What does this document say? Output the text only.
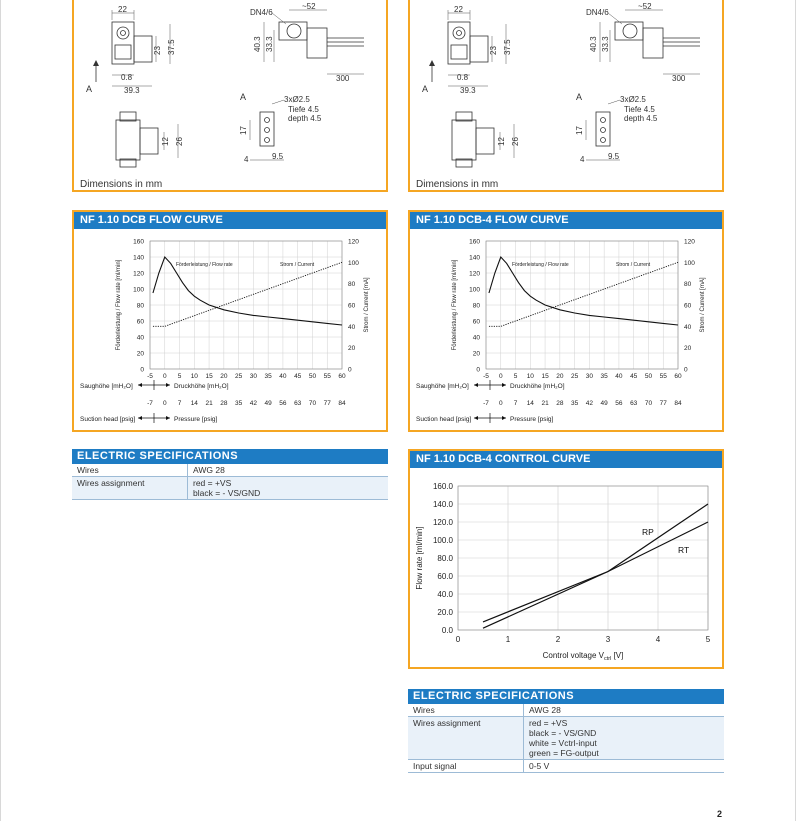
22
23 37.5
A
0.8
39.3
DN4/6
~52
40.3 33.3
300
12 26
A	3xØ2.5
Tiefe 4.5
depth 4.5
17
4	9.5
Dimensions in mm
22
23 37.5
A
0.8
39.3
DN4/6
~52
40.3 33.3
300
12 26
A	3xØ2.5
Tiefe 4.5
depth 4.5
17
4	9.5
Dimensions in mm
NF 1.10 DCB FLOW CURVE
-5 0 5 10 15 20 25 30 35 40 45 50 55 60
0
20
40
60
80
100
120
140
160
0
20
40
60
80
100
120
Förderleistung / Flow rate	Strom / Current
Förderleistung / Flow rate [ml/min]	Strom / Current [mA]
Saughöhe [mH₂O]	Druckhöhe [mH₂O]
-7 0 7 14 21 28 35 42 49 56 63 70 77 84
Suction head [psig]	Pressure [psig]
NF 1.10 DCB-4 FLOW CURVE
-5 0 5 10 15 20 25 30 35 40 45 50 55 60
0
20
40
60
80
100
120
140
160
0
20
40
60
80
100
120
Förderleistung / Flow rate	Strom / Current
Förderleistung / Flow rate [ml/min]	Strom / Current [mA]
Saughöhe [mH₂O]	Druckhöhe [mH₂O]
-7 0 7 14 21 28 35 42 49 56 63 70 77 84
Suction head [psig]	Pressure [psig]
ELECTRIC SPECIFICATIONS
Wires	AWG 28

Wires assignment	red = +VS
black = - VS/GND
NF 1.10 DCB-4 CONTROL CURVE
0	1	2	3	4	5
0.0
20.0
40.0
60.0
80.0
100.0
120.0
140.0
160.0
RP
RT
Flow rate [ml/min]
Control voltage $V_{ctrl}$ [V]
ELECTRIC SPECIFICATIONS
Wires	AWG 28

Wires assignment	red = +VS
black = - VS/GND
white = Vctrl-input
green = FG-output

Input signal	0-5 V
2
